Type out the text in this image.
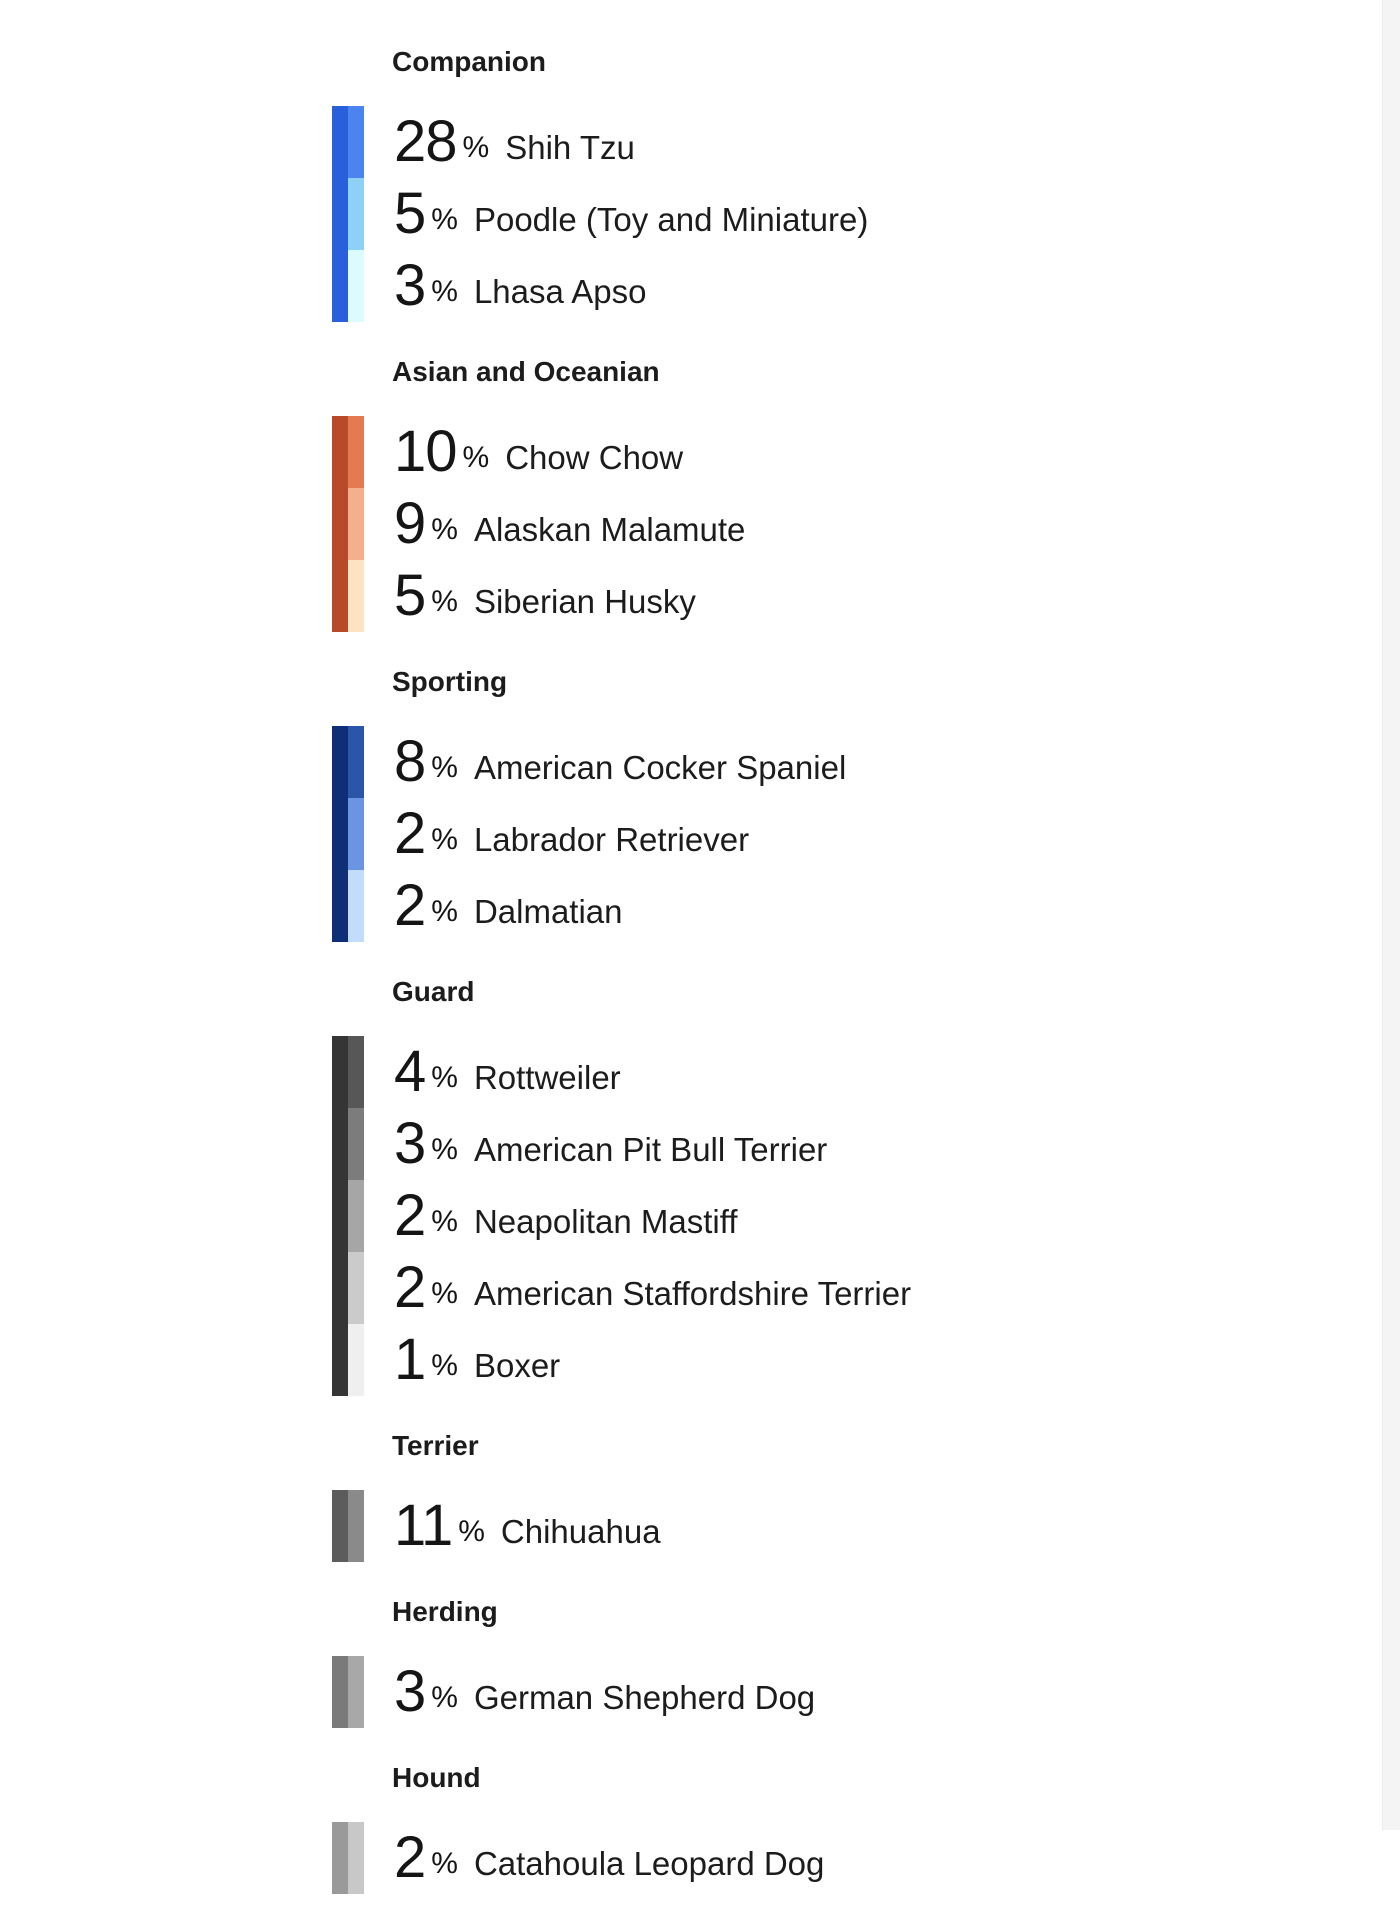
Companion
28 % Shih Tzu
5 % Poodle (Toy and Miniature)
3 % Lhasa Apso
Asian and Oceanian
10 % Chow Chow
9 % Alaskan Malamute
5 % Siberian Husky
Sporting
8 % American Cocker Spaniel
2 % Labrador Retriever
2 % Dalmatian
Guard
4 % Rottweiler
3 % American Pit Bull Terrier
2 % Neapolitan Mastiff
2 % American Staffordshire Terrier
1 % Boxer
Terrier
11 % Chihuahua
Herding
3 % German Shepherd Dog
Hound
2 % Catahoula Leopard Dog
